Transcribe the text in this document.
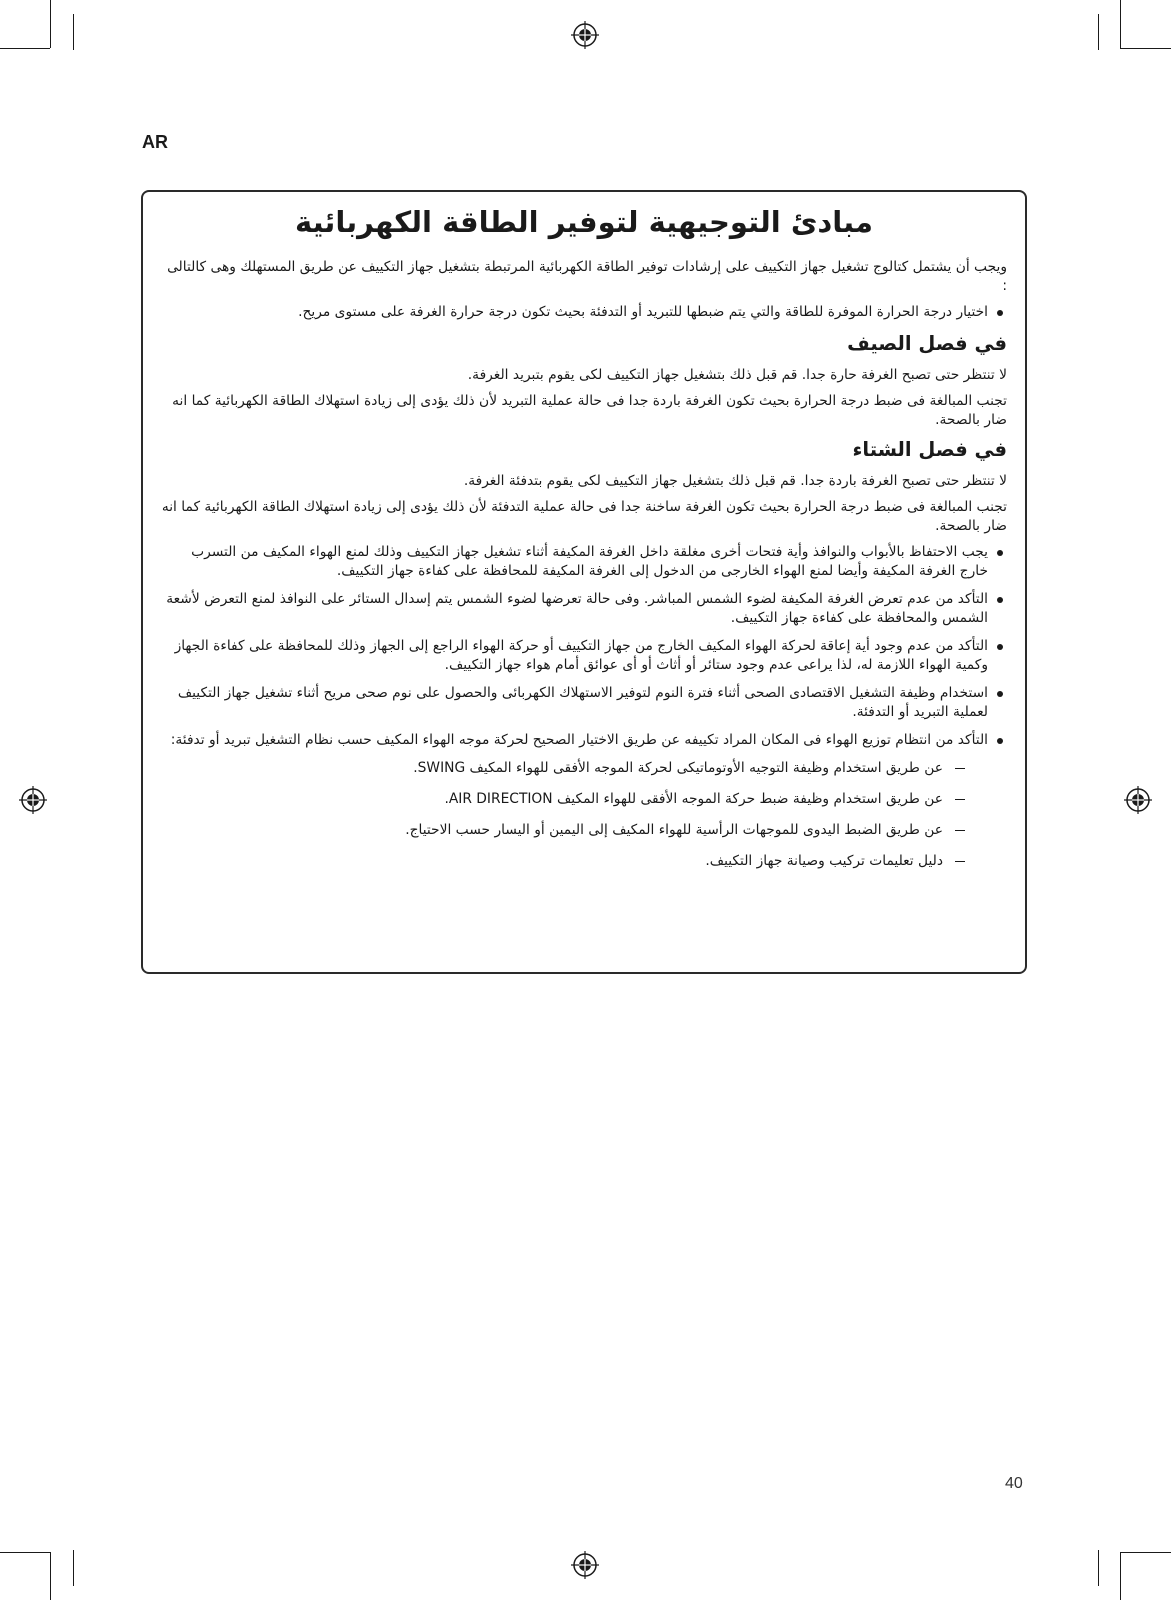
AR
مبادئ التوجيهية لتوفير الطاقة الكهربائية

ويجب أن يشتمل كتالوج تشغيل جهاز التكييف على إرشادات توفير الطاقة الكهربائية المرتبطة بتشغيل جهاز التكييف عن طريق المستهلك وهى كالتالى :

اختيار درجة الحرارة الموفرة للطاقة والتي يتم ضبطها للتبريد أو التدفئة بحيث تكون درجة حرارة الغرفة على مستوى مريح.
في فصل الصيف

لا تنتظر حتى تصبح الغرفة حارة جدا. قم قبل ذلك بتشغيل جهاز التكييف لكى يقوم بتبريد الغرفة.

تجنب المبالغة فى ضبط درجة الحرارة بحيث تكون الغرفة باردة جدا فى حالة عملية التبريد لأن ذلك يؤدى إلى زيادة استهلاك الطاقة الكهربائية كما انه ضار بالصحة.

في فصل الشتاء

لا تنتظر حتى تصبح الغرفة باردة جدا. قم قبل ذلك بتشغيل جهاز التكييف لكى يقوم بتدفئة الغرفة.

تجنب المبالغة فى ضبط درجة الحرارة بحيث تكون الغرفة ساخنة جدا فى حالة عملية التدفئة لأن ذلك يؤدى إلى زيادة استهلاك الطاقة الكهربائية كما انه ضار بالصحة.

يجب الاحتفاظ بالأبواب والنوافذ وأية فتحات أخرى مغلقة داخل الغرفة المكيفة أثناء تشغيل جهاز التكييف وذلك لمنع الهواء المكيف من التسرب خارج الغرفة المكيفة وأيضا لمنع الهواء الخارجى من الدخول إلى الغرفة المكيفة للمحافظة على كفاءة جهاز التكييف.
التأكد من عدم تعرض الغرفة المكيفة لضوء الشمس المباشر. وفى حالة تعرضها لضوء الشمس يتم إسدال الستائر على النوافذ لمنع التعرض لأشعة الشمس والمحافظة على كفاءة جهاز التكييف.
التأكد من عدم وجود أية إعاقة لحركة الهواء المكيف الخارج من جهاز التكييف أو حركة الهواء الراجع إلى الجهاز وذلك للمحافظة على كفاءة الجهاز وكمية الهواء اللازمة له، لذا يراعى عدم وجود ستائر أو أثاث أو أى عوائق أمام هواء جهاز التكييف.
استخدام وظيفة التشغيل الاقتصادى الصحى أثناء فترة النوم لتوفير الاستهلاك الكهربائى والحصول على نوم صحى مريح أثناء تشغيل جهاز التكييف لعملية التبريد أو التدفئة.
التأكد من انتظام توزيع الهواء فى المكان المراد تكييفه عن طريق الاختيار الصحيح لحركة موجه الهواء المكيف حسب نظام التشغيل تبريد أو تدفئة:
عن طريق استخدام وظيفة التوجيه الأوتوماتيكى لحركة الموجه الأفقى للهواء المكيف SWING.
عن طريق استخدام وظيفة ضبط حركة الموجه الأفقى للهواء المكيف AIR DIRECTION.
عن طريق الضبط اليدوى للموجهات الرأسية للهواء المكيف إلى اليمين أو اليسار حسب الاحتياج.
دليل تعليمات تركيب وصيانة جهاز التكييف.
40
